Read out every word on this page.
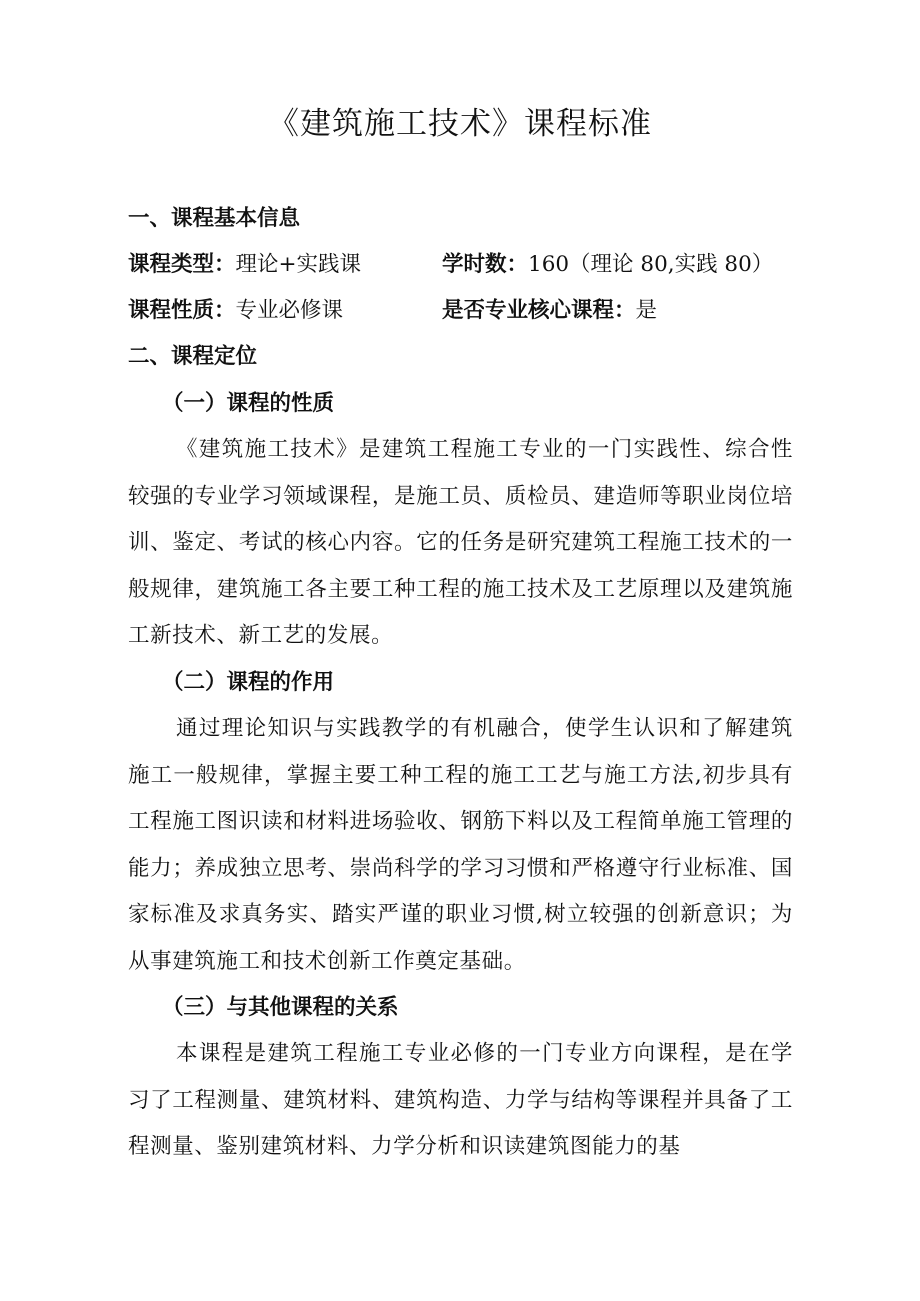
《建筑施工技术》课程标准
一、课程基本信息
课程类型：理论+实践课	学时数：160（理论 80,实践 80）
课程性质：专业必修课	是否专业核心课程：是
二、课程定位
（一）课程的性质

《建筑施工技术》是建筑工程施工专业的一门实践性、综合性较强的专业学习领域课程，是施工员、质检员、建造师等职业岗位培训、鉴定、考试的核心内容。它的任务是研究建筑工程施工技术的一般规律，建筑施工各主要工种工程的施工技术及工艺原理以及建筑施工新技术、新工艺的发展。

（二）课程的作用

通过理论知识与实践教学的有机融合，使学生认识和了解建筑施工一般规律，掌握主要工种工程的施工工艺与施工方法,初步具有工程施工图识读和材料进场验收、钢筋下料以及工程简单施工管理的能力；养成独立思考、崇尚科学的学习习惯和严格遵守行业标准、国家标准及求真务实、踏实严谨的职业习惯,树立较强的创新意识；为从事建筑施工和技术创新工作奠定基础。

（三）与其他课程的关系

本课程是建筑工程施工专业必修的一门专业方向课程，是在学习了工程测量、建筑材料、建筑构造、力学与结构等课程并具备了工程测量、鉴别建筑材料、力学分析和识读建筑图能力的基
